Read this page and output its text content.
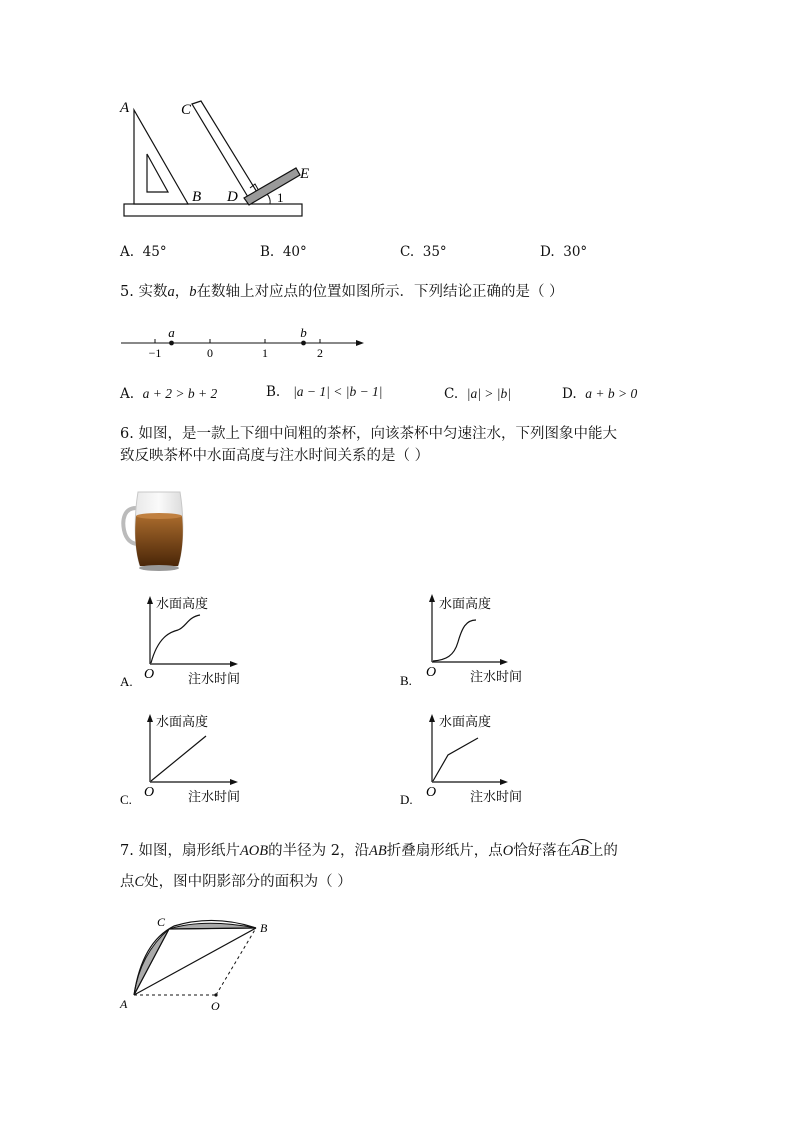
A
B
C
D
E
1
A. 45°	B. 40°	C. 35°	D. 30°
5. 实数a，b在数轴上对应点的位置如图所示．下列结论正确的是（ ）
a	b
−1	0	1	2
A. a + 2 > b + 2	B. |a − 1| < |b − 1|	C. |a| > |b|	D. a + b > 0
6. 如图，是一款上下细中间粗的茶杯，向该茶杯中匀速注水，下列图象中能大
致反映茶杯中水面高度与注水时间关系的是（ ）
水面高度
注水时间
O
A.
水面高度
注水时间
O
B.
水面高度
注水时间
O
C.
水面高度
注水时间
O
D.
7. 如图，扇形纸片AOB的半径为 2，沿AB折叠扇形纸片，点O恰好落在
AB上的
点C处，图中阴影部分的面积为（ ）
A
B
C
O
